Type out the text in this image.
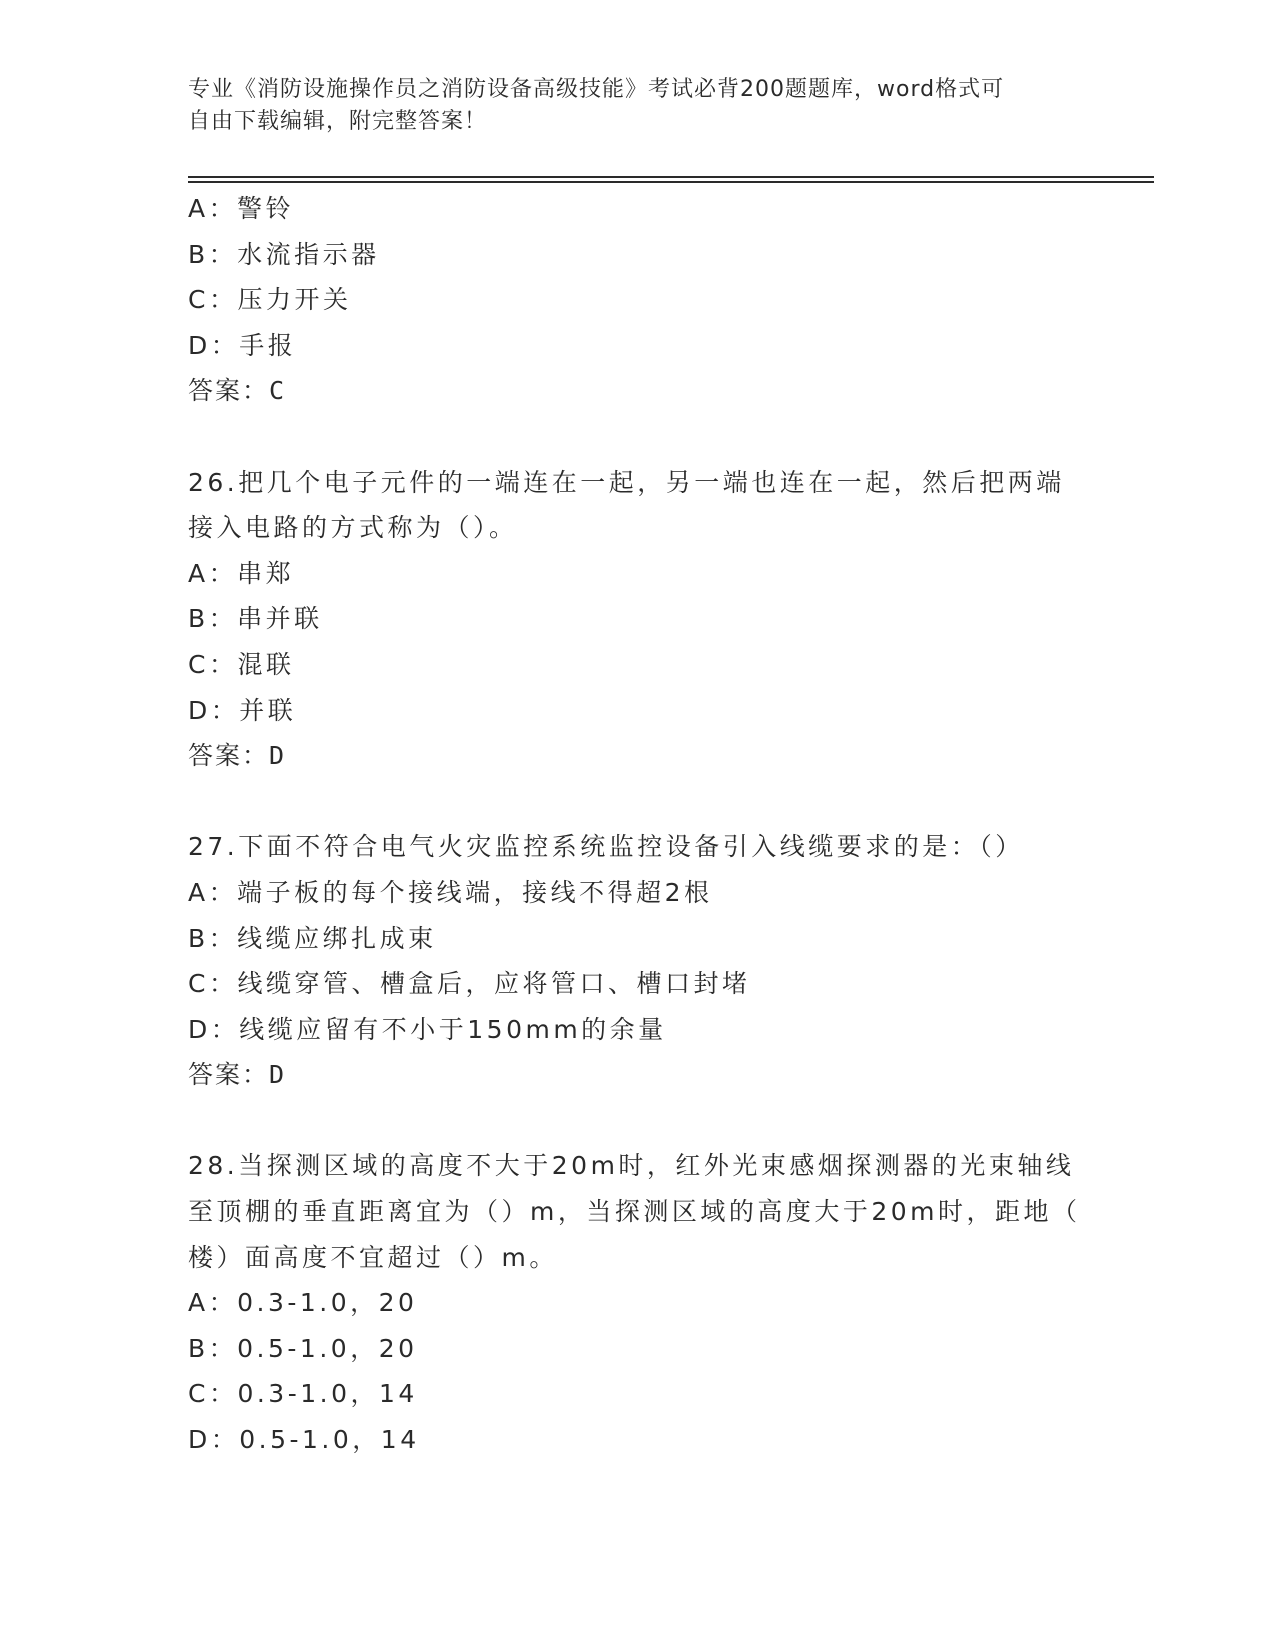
专业《消防设施操作员之消防设备高级技能》考试必背200题题库，word格式可
自由下载编辑，附完整答案！
A：警铃
B：水流指示器
C：压力开关
D：手报
答案：C
26.把几个电子元件的一端连在一起，另一端也连在一起，然后把两端
接入电路的方式称为（）。
A：串郑
B：串并联
C：混联
D：并联
答案：D
27.下面不符合电气火灾监控系统监控设备引入线缆要求的是：（）
A：端子板的每个接线端，接线不得超2根
B：线缆应绑扎成束
C：线缆穿管、槽盒后，应将管口、槽口封堵
D：线缆应留有不小于150mm的余量
答案：D
28.当探测区域的高度不大于20m时，红外光束感烟探测器的光束轴线
至顶棚的垂直距离宜为（）m，当探测区域的高度大于20m时，距地（
楼）面高度不宜超过（）m。
A：0.3-1.0，20
B：0.5-1.0，20
C：0.3-1.0，14
D：0.5-1.0，14
